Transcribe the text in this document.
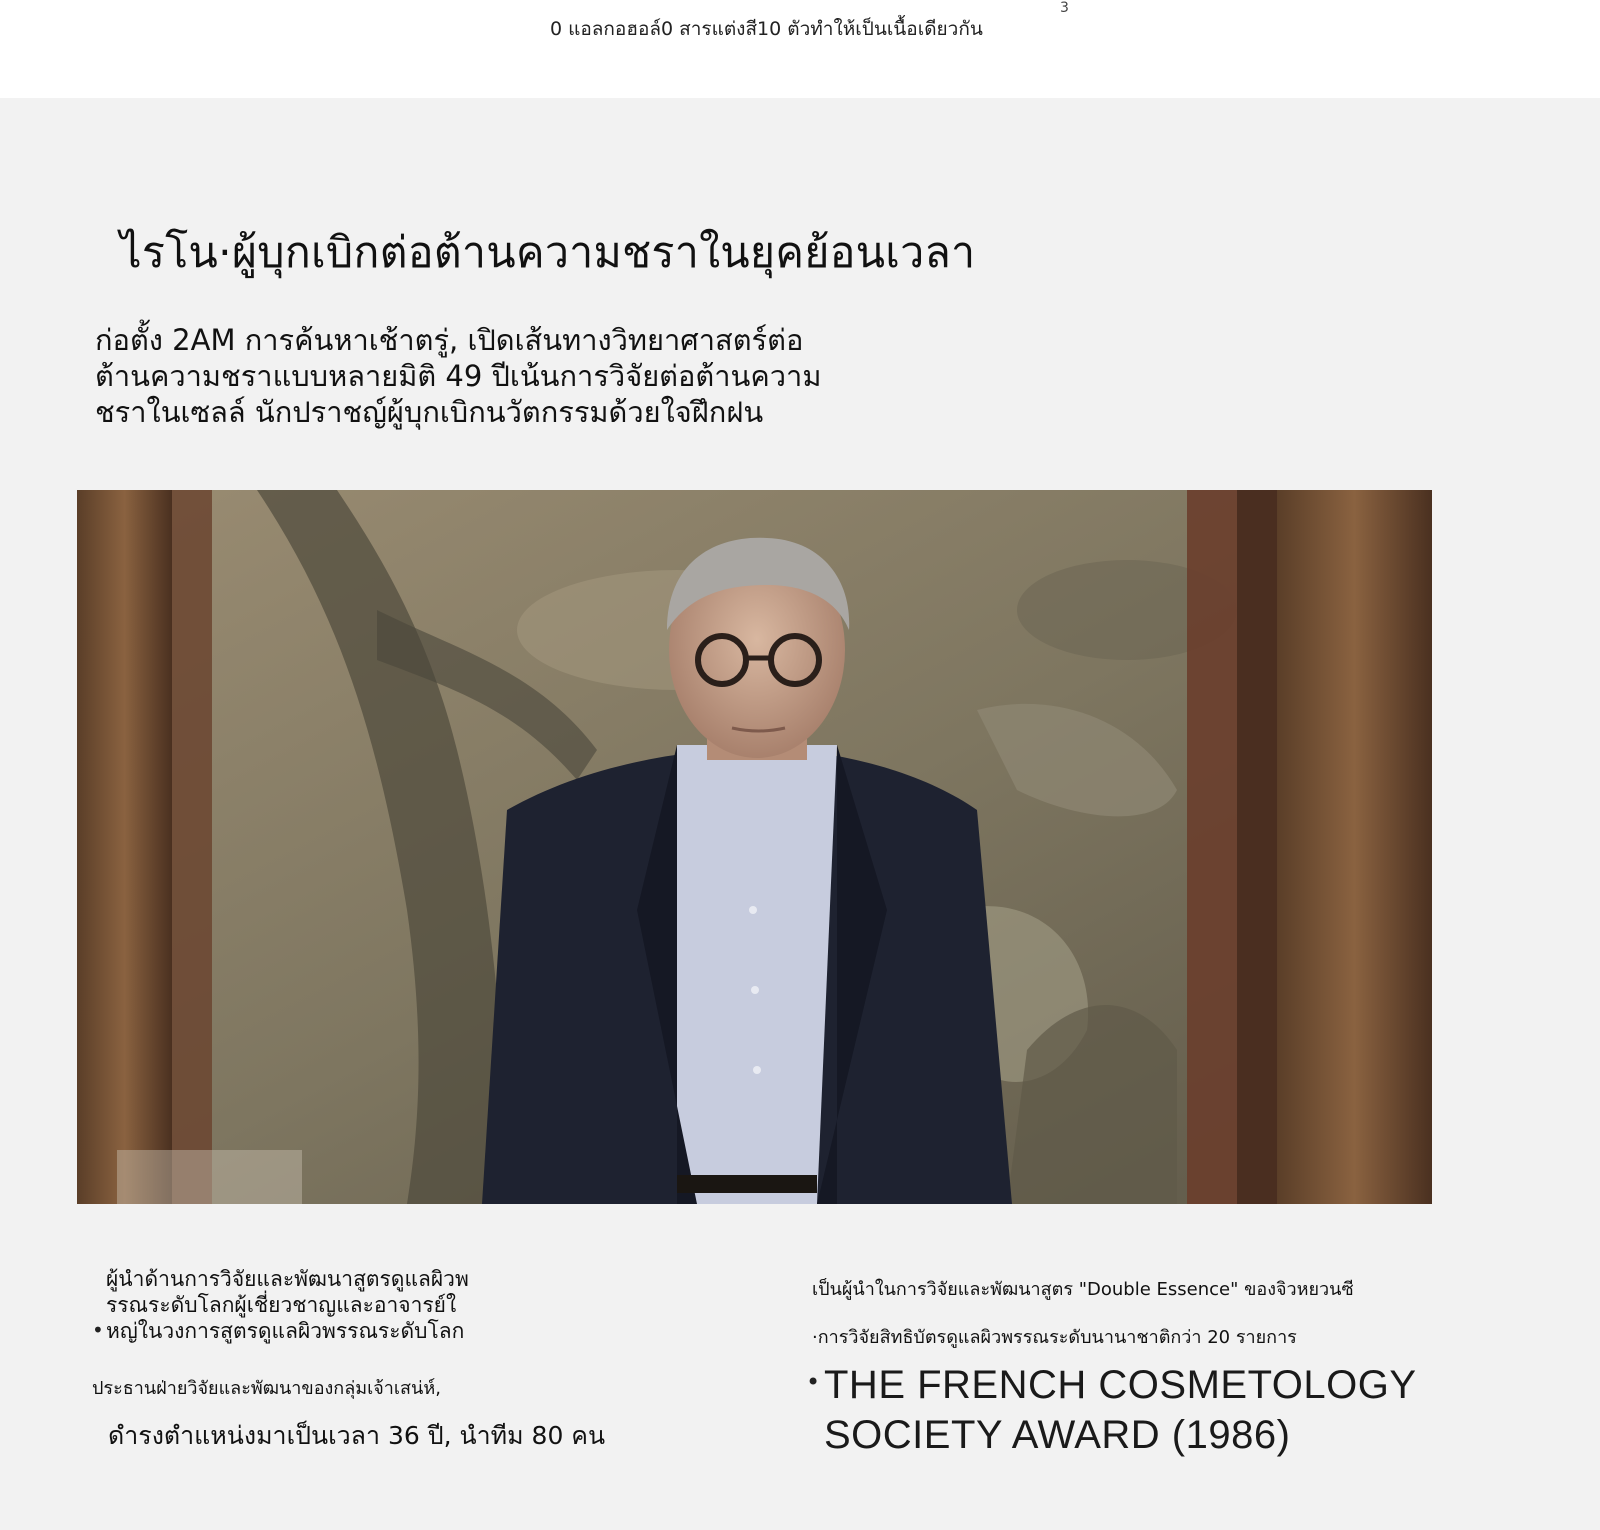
0 แอลกอฮอล์0 สารแต่งสี10 ตัวทำให้เป็นเนื้อเดียวกัน
3
ไรโน·ผู้บุกเบิกต่อต้านความชราในยุคย้อนเวลา
ก่อตั้ง 2AM การค้นหาเช้าตรู่, เปิดเส้นทางวิทยาศาสตร์ต่อ
ต้านความชราแบบหลายมิติ 49 ปีเน้นการวิจัยต่อต้านความ
ชราในเซลล์ นักปราชญ์ผู้บุกเบิกนวัตกรรมด้วยใจฝึกฝน
ผู้นำด้านการวิจัยและพัฒนาสูตรดูแลผิวพ
รรณระดับโลกผู้เชี่ยวชาญและอาจารย์ใ
หญ่ในวงการสูตรดูแลผิวพรรณระดับโลก
•
ประธานฝ่ายวิจัยและพัฒนาของกลุ่มเจ้าเสน่ห์,
ดำรงตำแหน่งมาเป็นเวลา 36 ปี, นำทีม 80 คน
เป็นผู้นำในการวิจัยและพัฒนาสูตร "Double Essence" ของจิวหยวนซี
·การวิจัยสิทธิบัตรดูแลผิวพรรณระดับนานาชาติกว่า 20 รายการ
• THE FRENCH COSMETOLOGY
SOCIETY AWARD (1986)
